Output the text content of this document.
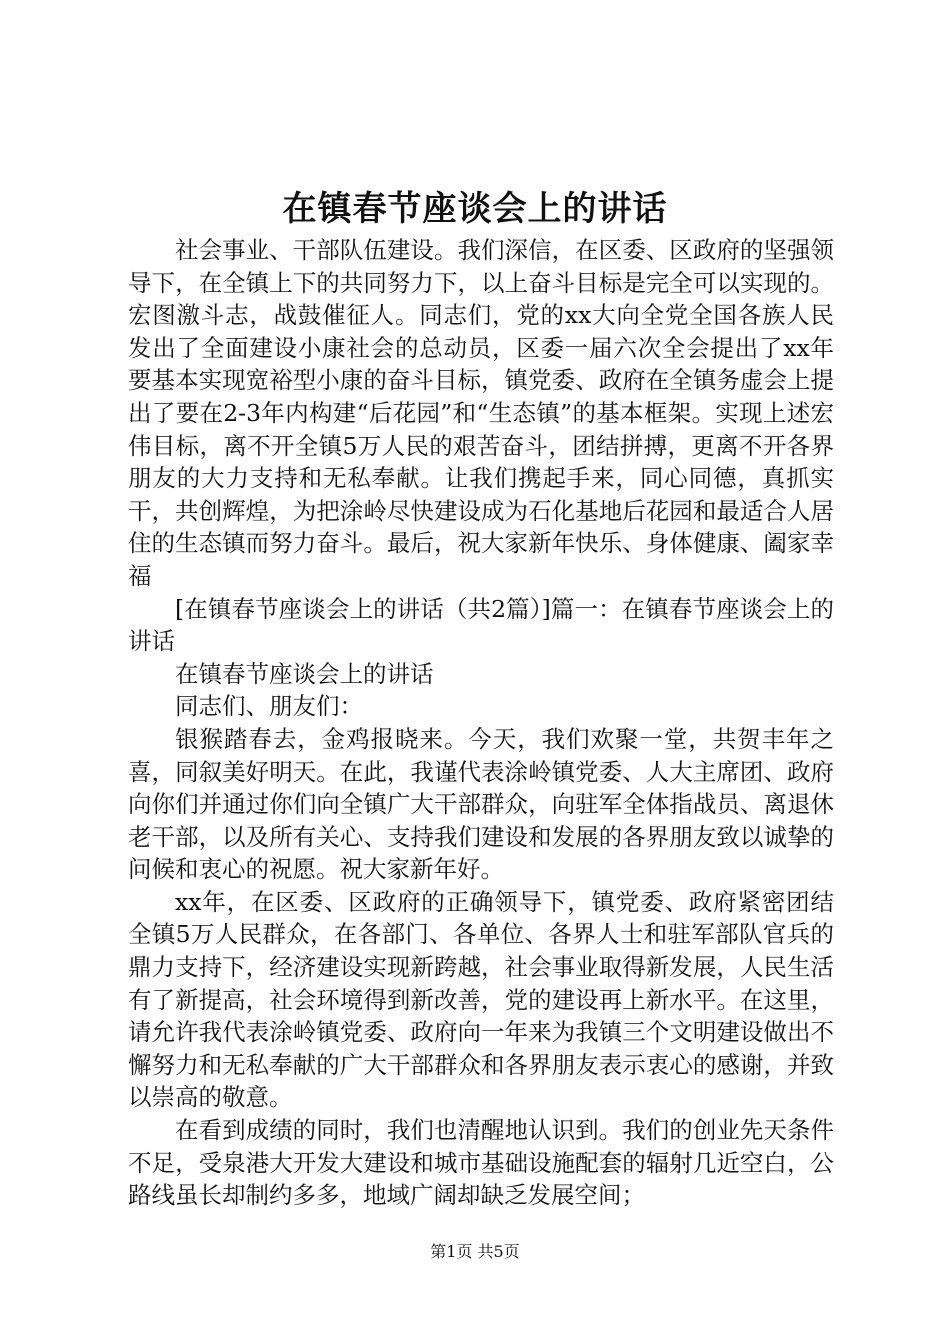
在镇春节座谈会上的讲话

社会事业、干部队伍建设。我们深信，在区委、区政府的坚强领导下，在全镇上下的共同努力下，以上奋斗目标是完全可以实现的。宏图激斗志，战鼓催征人。同志们，党的xx大向全党全国各族人民发出了全面建设小康社会的总动员，区委一届六次全会提出了xx年要基本实现宽裕型小康的奋斗目标，镇党委、政府在全镇务虚会上提出了要在2-3年内构建“后花园”和“生态镇”的基本框架。实现上述宏伟目标，离不开全镇5万人民的艰苦奋斗，团结拼搏，更离不开各界朋友的大力支持和无私奉献。让我们携起手来，同心同德，真抓实干，共创辉煌，为把涂岭尽快建设成为石化基地后花园和最适合人居住的生态镇而努力奋斗。最后，祝大家新年快乐、身体健康、阖家幸福

[在镇春节座谈会上的讲话（共2篇）]篇一：在镇春节座谈会上的讲话

在镇春节座谈会上的讲话

同志们、朋友们：

银猴踏春去，金鸡报晓来。今天，我们欢聚一堂，共贺丰年之喜，同叙美好明天。在此，我谨代表涂岭镇党委、人大主席团、政府向你们并通过你们向全镇广大干部群众，向驻军全体指战员、离退休老干部，以及所有关心、支持我们建设和发展的各界朋友致以诚挚的问候和衷心的祝愿。祝大家新年好。

xx年，在区委、区政府的正确领导下，镇党委、政府紧密团结全镇5万人民群众，在各部门、各单位、各界人士和驻军部队官兵的鼎力支持下，经济建设实现新跨越，社会事业取得新发展，人民生活有了新提高，社会环境得到新改善，党的建设再上新水平。在这里，请允许我代表涂岭镇党委、政府向一年来为我镇三个文明建设做出不懈努力和无私奉献的广大干部群众和各界朋友表示衷心的感谢，并致以崇高的敬意。

在看到成绩的同时，我们也清醒地认识到。我们的创业先天条件不足，受泉港大开发大建设和城市基础设施配套的辐射几近空白，公路线虽长却制约多多，地域广阔却缺乏发展空间；

第1页 共5页
